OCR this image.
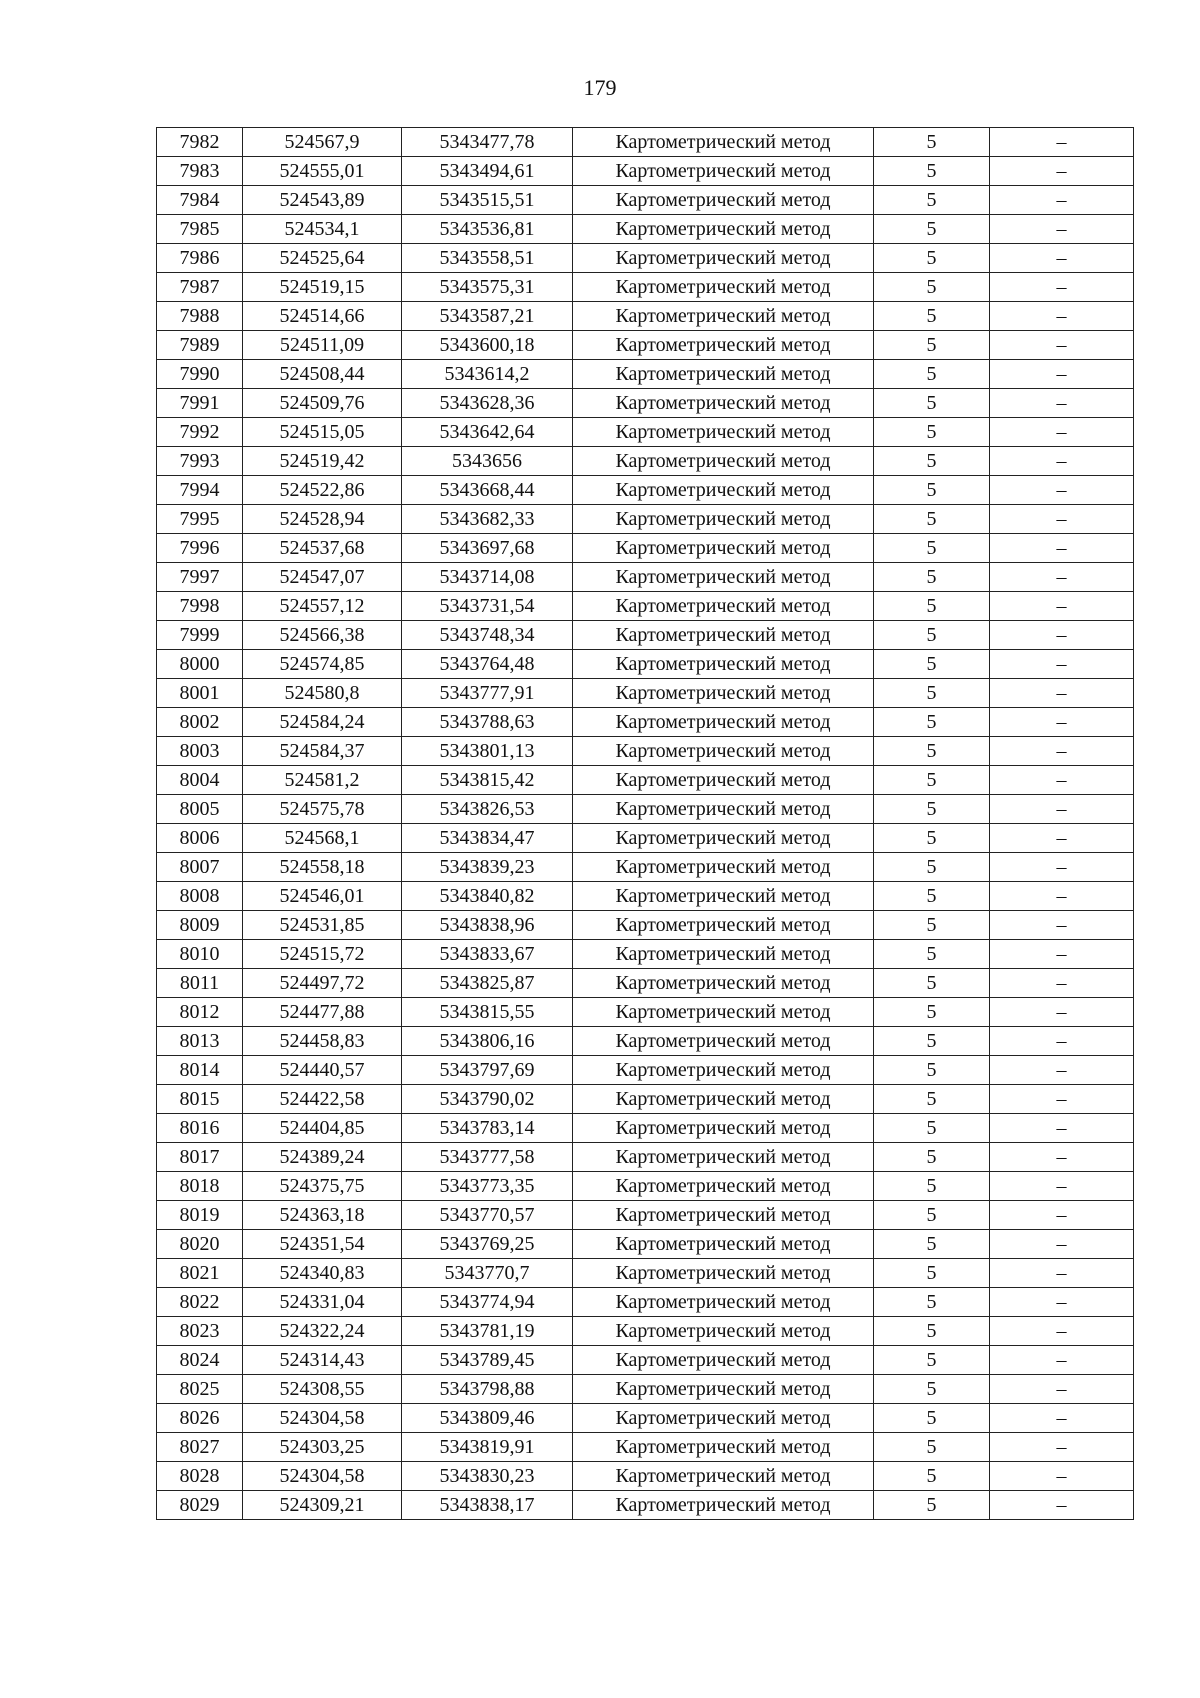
179
7982	524567,9	5343477,78	Картометрический метод	5	–
7983	524555,01	5343494,61	Картометрический метод	5	–
7984	524543,89	5343515,51	Картометрический метод	5	–
7985	524534,1	5343536,81	Картометрический метод	5	–
7986	524525,64	5343558,51	Картометрический метод	5	–
7987	524519,15	5343575,31	Картометрический метод	5	–
7988	524514,66	5343587,21	Картометрический метод	5	–
7989	524511,09	5343600,18	Картометрический метод	5	–
7990	524508,44	5343614,2	Картометрический метод	5	–
7991	524509,76	5343628,36	Картометрический метод	5	–
7992	524515,05	5343642,64	Картометрический метод	5	–
7993	524519,42	5343656	Картометрический метод	5	–
7994	524522,86	5343668,44	Картометрический метод	5	–
7995	524528,94	5343682,33	Картометрический метод	5	–
7996	524537,68	5343697,68	Картометрический метод	5	–
7997	524547,07	5343714,08	Картометрический метод	5	–
7998	524557,12	5343731,54	Картометрический метод	5	–
7999	524566,38	5343748,34	Картометрический метод	5	–
8000	524574,85	5343764,48	Картометрический метод	5	–
8001	524580,8	5343777,91	Картометрический метод	5	–
8002	524584,24	5343788,63	Картометрический метод	5	–
8003	524584,37	5343801,13	Картометрический метод	5	–
8004	524581,2	5343815,42	Картометрический метод	5	–
8005	524575,78	5343826,53	Картометрический метод	5	–
8006	524568,1	5343834,47	Картометрический метод	5	–
8007	524558,18	5343839,23	Картометрический метод	5	–
8008	524546,01	5343840,82	Картометрический метод	5	–
8009	524531,85	5343838,96	Картометрический метод	5	–
8010	524515,72	5343833,67	Картометрический метод	5	–
8011	524497,72	5343825,87	Картометрический метод	5	–
8012	524477,88	5343815,55	Картометрический метод	5	–
8013	524458,83	5343806,16	Картометрический метод	5	–
8014	524440,57	5343797,69	Картометрический метод	5	–
8015	524422,58	5343790,02	Картометрический метод	5	–
8016	524404,85	5343783,14	Картометрический метод	5	–
8017	524389,24	5343777,58	Картометрический метод	5	–
8018	524375,75	5343773,35	Картометрический метод	5	–
8019	524363,18	5343770,57	Картометрический метод	5	–
8020	524351,54	5343769,25	Картометрический метод	5	–
8021	524340,83	5343770,7	Картометрический метод	5	–
8022	524331,04	5343774,94	Картометрический метод	5	–
8023	524322,24	5343781,19	Картометрический метод	5	–
8024	524314,43	5343789,45	Картометрический метод	5	–
8025	524308,55	5343798,88	Картометрический метод	5	–
8026	524304,58	5343809,46	Картометрический метод	5	–
8027	524303,25	5343819,91	Картометрический метод	5	–
8028	524304,58	5343830,23	Картометрический метод	5	–
8029	524309,21	5343838,17	Картометрический метод	5	–
